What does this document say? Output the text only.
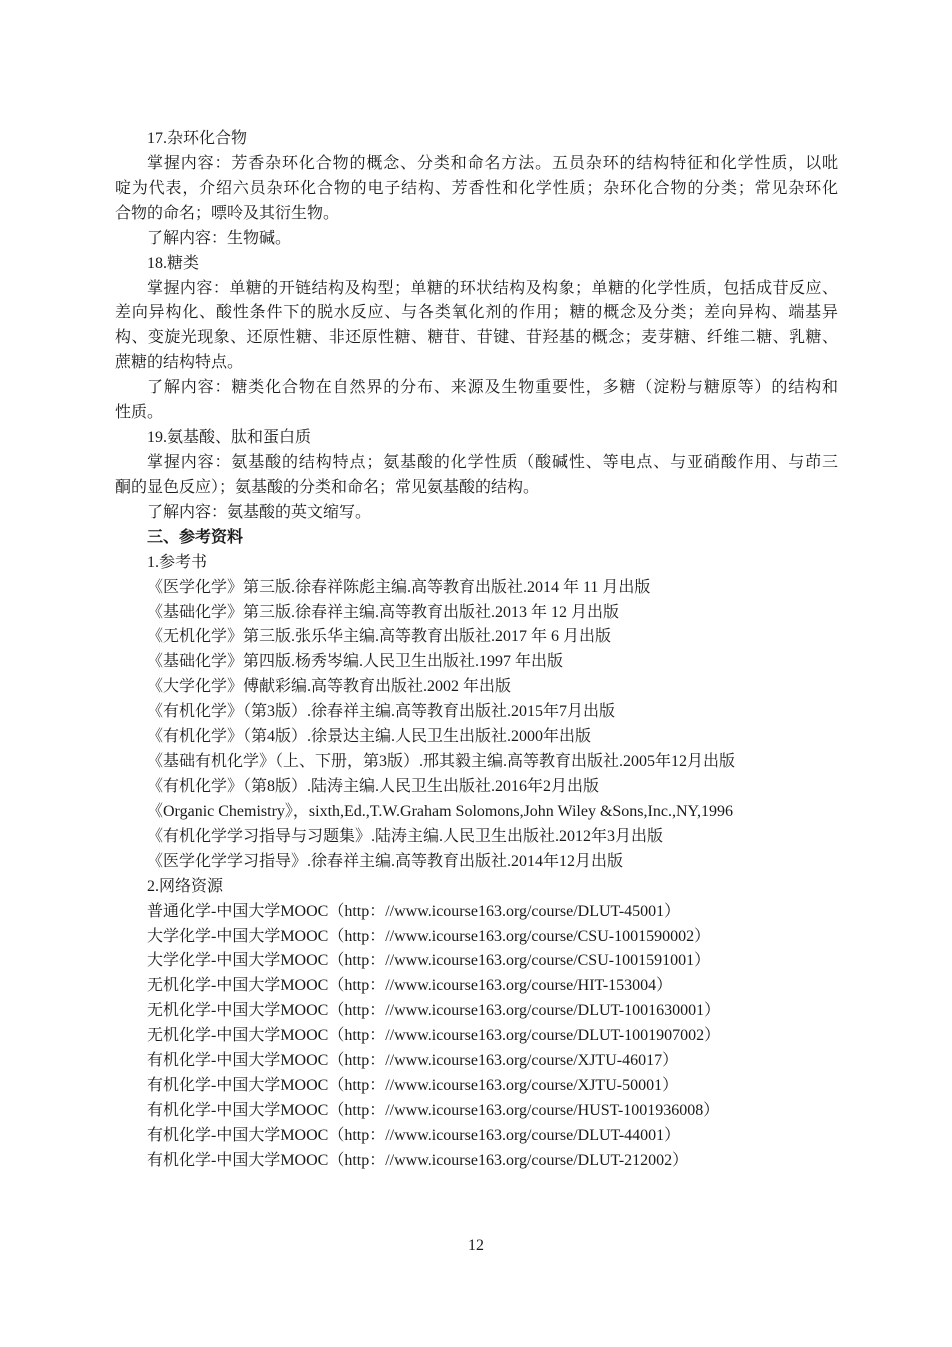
17.杂环化合物
掌握内容：芳香杂环化合物的概念、分类和命名方法。五员杂环的结构特征和化学性质，以吡
啶为代表，介绍六员杂环化合物的电子结构、芳香性和化学性质；杂环化合物的分类；常见杂环化
合物的命名；嘌呤及其衍生物。
了解内容：生物碱。
18.糖类
掌握内容：单糖的开链结构及构型；单糖的环状结构及构象；单糖的化学性质，包括成苷反应、
差向异构化、酸性条件下的脱水反应、与各类氧化剂的作用；糖的概念及分类；差向异构、端基异
构、变旋光现象、还原性糖、非还原性糖、糖苷、苷键、苷羟基的概念；麦芽糖、纤维二糖、乳糖、
蔗糖的结构特点。
了解内容：糖类化合物在自然界的分布、来源及生物重要性，多糖（淀粉与糖原等）的结构和
性质。
19.氨基酸、肽和蛋白质
掌握内容：氨基酸的结构特点；氨基酸的化学性质（酸碱性、等电点、与亚硝酸作用、与茚三
酮的显色反应）；氨基酸的分类和命名；常见氨基酸的结构。
了解内容：氨基酸的英文缩写。
三、参考资料
1.参考书
《医学化学》第三版.徐春祥陈彪主编.高等教育出版社.2014 年 11 月出版
《基础化学》第三版.徐春祥主编.高等教育出版社.2013 年 12 月出版
《无机化学》第三版.张乐华主编.高等教育出版社.2017 年 6 月出版
《基础化学》第四版.杨秀岑编.人民卫生出版社.1997 年出版
《大学化学》傅献彩编.高等教育出版社.2002 年出版
《有机化学》（第3版）.徐春祥主编.高等教育出版社.2015年7月出版
《有机化学》（第4版）.徐景达主编.人民卫生出版社.2000年出版
《基础有机化学》（上、下册，第3版）.邢其毅主编.高等教育出版社.2005年12月出版
《有机化学》（第8版）.陆涛主编.人民卫生出版社.2016年2月出版
《Organic Chemistry》，sixth,Ed.,T.W.Graham Solomons,John Wiley &Sons,Inc.,NY,1996
《有机化学学习指导与习题集》.陆涛主编.人民卫生出版社.2012年3月出版
《医学化学学习指导》.徐春祥主编.高等教育出版社.2014年12月出版
2.网络资源
普通化学-中国大学MOOC（http：//www.icourse163.org/course/DLUT-45001）
大学化学-中国大学MOOC（http：//www.icourse163.org/course/CSU-1001590002）
大学化学-中国大学MOOC（http：//www.icourse163.org/course/CSU-1001591001）
无机化学-中国大学MOOC（http：//www.icourse163.org/course/HIT-153004）
无机化学-中国大学MOOC（http：//www.icourse163.org/course/DLUT-1001630001）
无机化学-中国大学MOOC（http：//www.icourse163.org/course/DLUT-1001907002）
有机化学-中国大学MOOC（http：//www.icourse163.org/course/XJTU-46017）
有机化学-中国大学MOOC（http：//www.icourse163.org/course/XJTU-50001）
有机化学-中国大学MOOC（http：//www.icourse163.org/course/HUST-1001936008）
有机化学-中国大学MOOC（http：//www.icourse163.org/course/DLUT-44001）
有机化学-中国大学MOOC（http：//www.icourse163.org/course/DLUT-212002）
12
